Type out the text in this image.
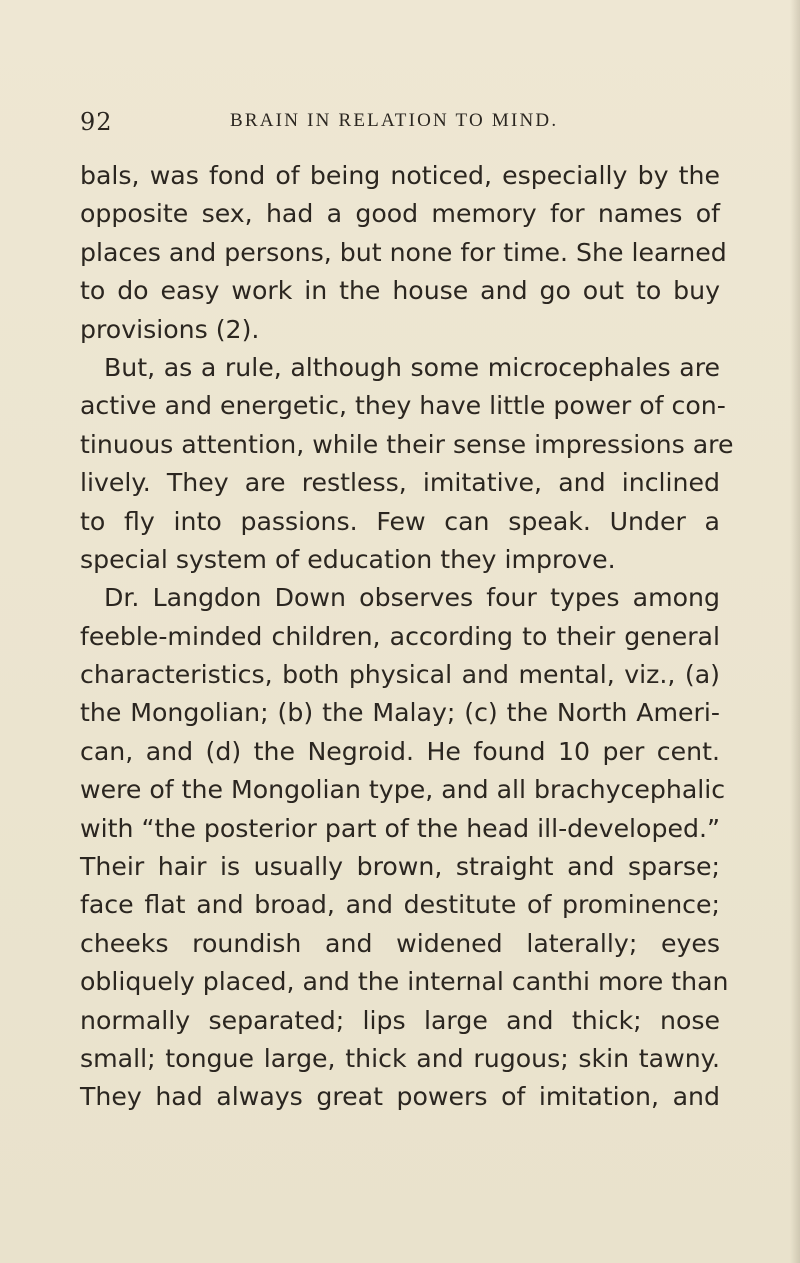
92	BRAIN IN RELATION TO MIND.
bals, was fond of being noticed, especially by the
opposite sex, had a good memory for names of
places and persons, but none for time. She learned
to do easy work in the house and go out to buy
provisions (2).
But, as a rule, although some microcephales are
active and energetic, they have little power of con-
tinuous attention, while their sense impressions are
lively. They are restless, imitative, and inclined
to fly into passions. Few can speak. Under a
special system of education they improve.
Dr. Langdon Down observes four types among
feeble-minded children, according to their general
characteristics, both physical and mental, viz., (a)
the Mongolian; (b) the Malay; (c) the North Ameri-
can, and (d) the Negroid. He found 10 per cent.
were of the Mongolian type, and all brachycephalic
with “the posterior part of the head ill-developed.”
Their hair is usually brown, straight and sparse;
face flat and broad, and destitute of prominence;
cheeks roundish and widened laterally; eyes
obliquely placed, and the internal canthi more than
normally separated; lips large and thick; nose
small; tongue large, thick and rugous; skin tawny.
They had always great powers of imitation, and
